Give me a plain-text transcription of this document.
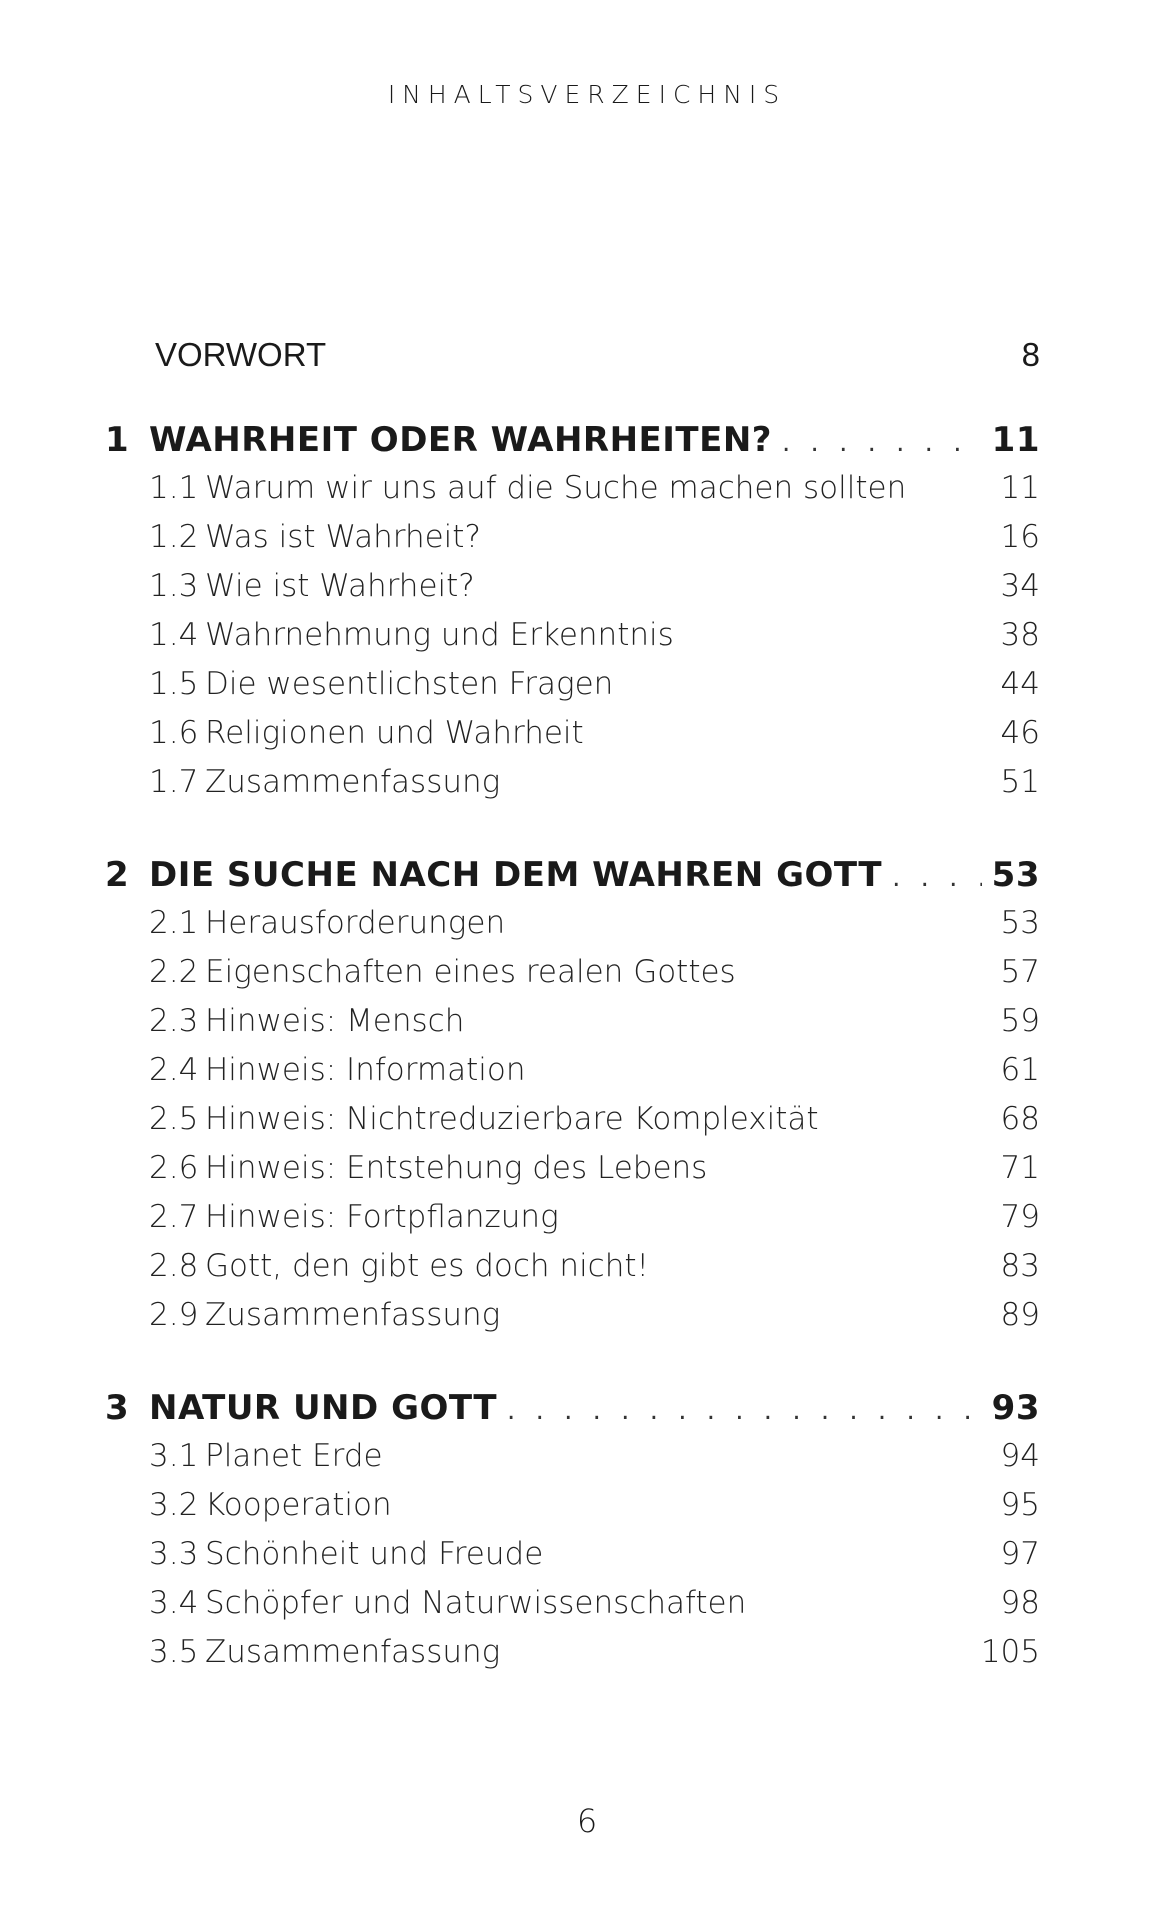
INHALTSVERZEICHNIS
VORWORT	8
1 WAHRHEIT ODER WAHRHEITEN? . . .	11
1.1 Warum wir uns auf die Suche machen sollten	11
1.2 Was ist Wahrheit?	16
1.3 Wie ist Wahrheit?	34
1.4 Wahrnehmung und Erkenntnis	38
1.5 Die wesentlichsten Fragen	44
1.6 Religionen und Wahrheit	46
1.7 Zusammenfassung	51
2 DIE SUCHE NACH DEM WAHREN GOTT . . .	53
2.1 Herausforderungen	53
2.2 Eigenschaften eines realen Gottes	57
2.3 Hinweis: Mensch	59
2.4 Hinweis: Information	61
2.5 Hinweis: Nichtreduzierbare Komplexität	68
2.6 Hinweis: Entstehung des Lebens	71
2.7 Hinweis: Fortpflanzung	79
2.8 Gott, den gibt es doch nicht!	83
2.9 Zusammenfassung	89
3 NATUR UND GOTT . . .	93
3.1 Planet Erde	94
3.2 Kooperation	95
3.3 Schönheit und Freude	97
3.4 Schöpfer und Naturwissenschaften	98
3.5 Zusammenfassung	105
6
